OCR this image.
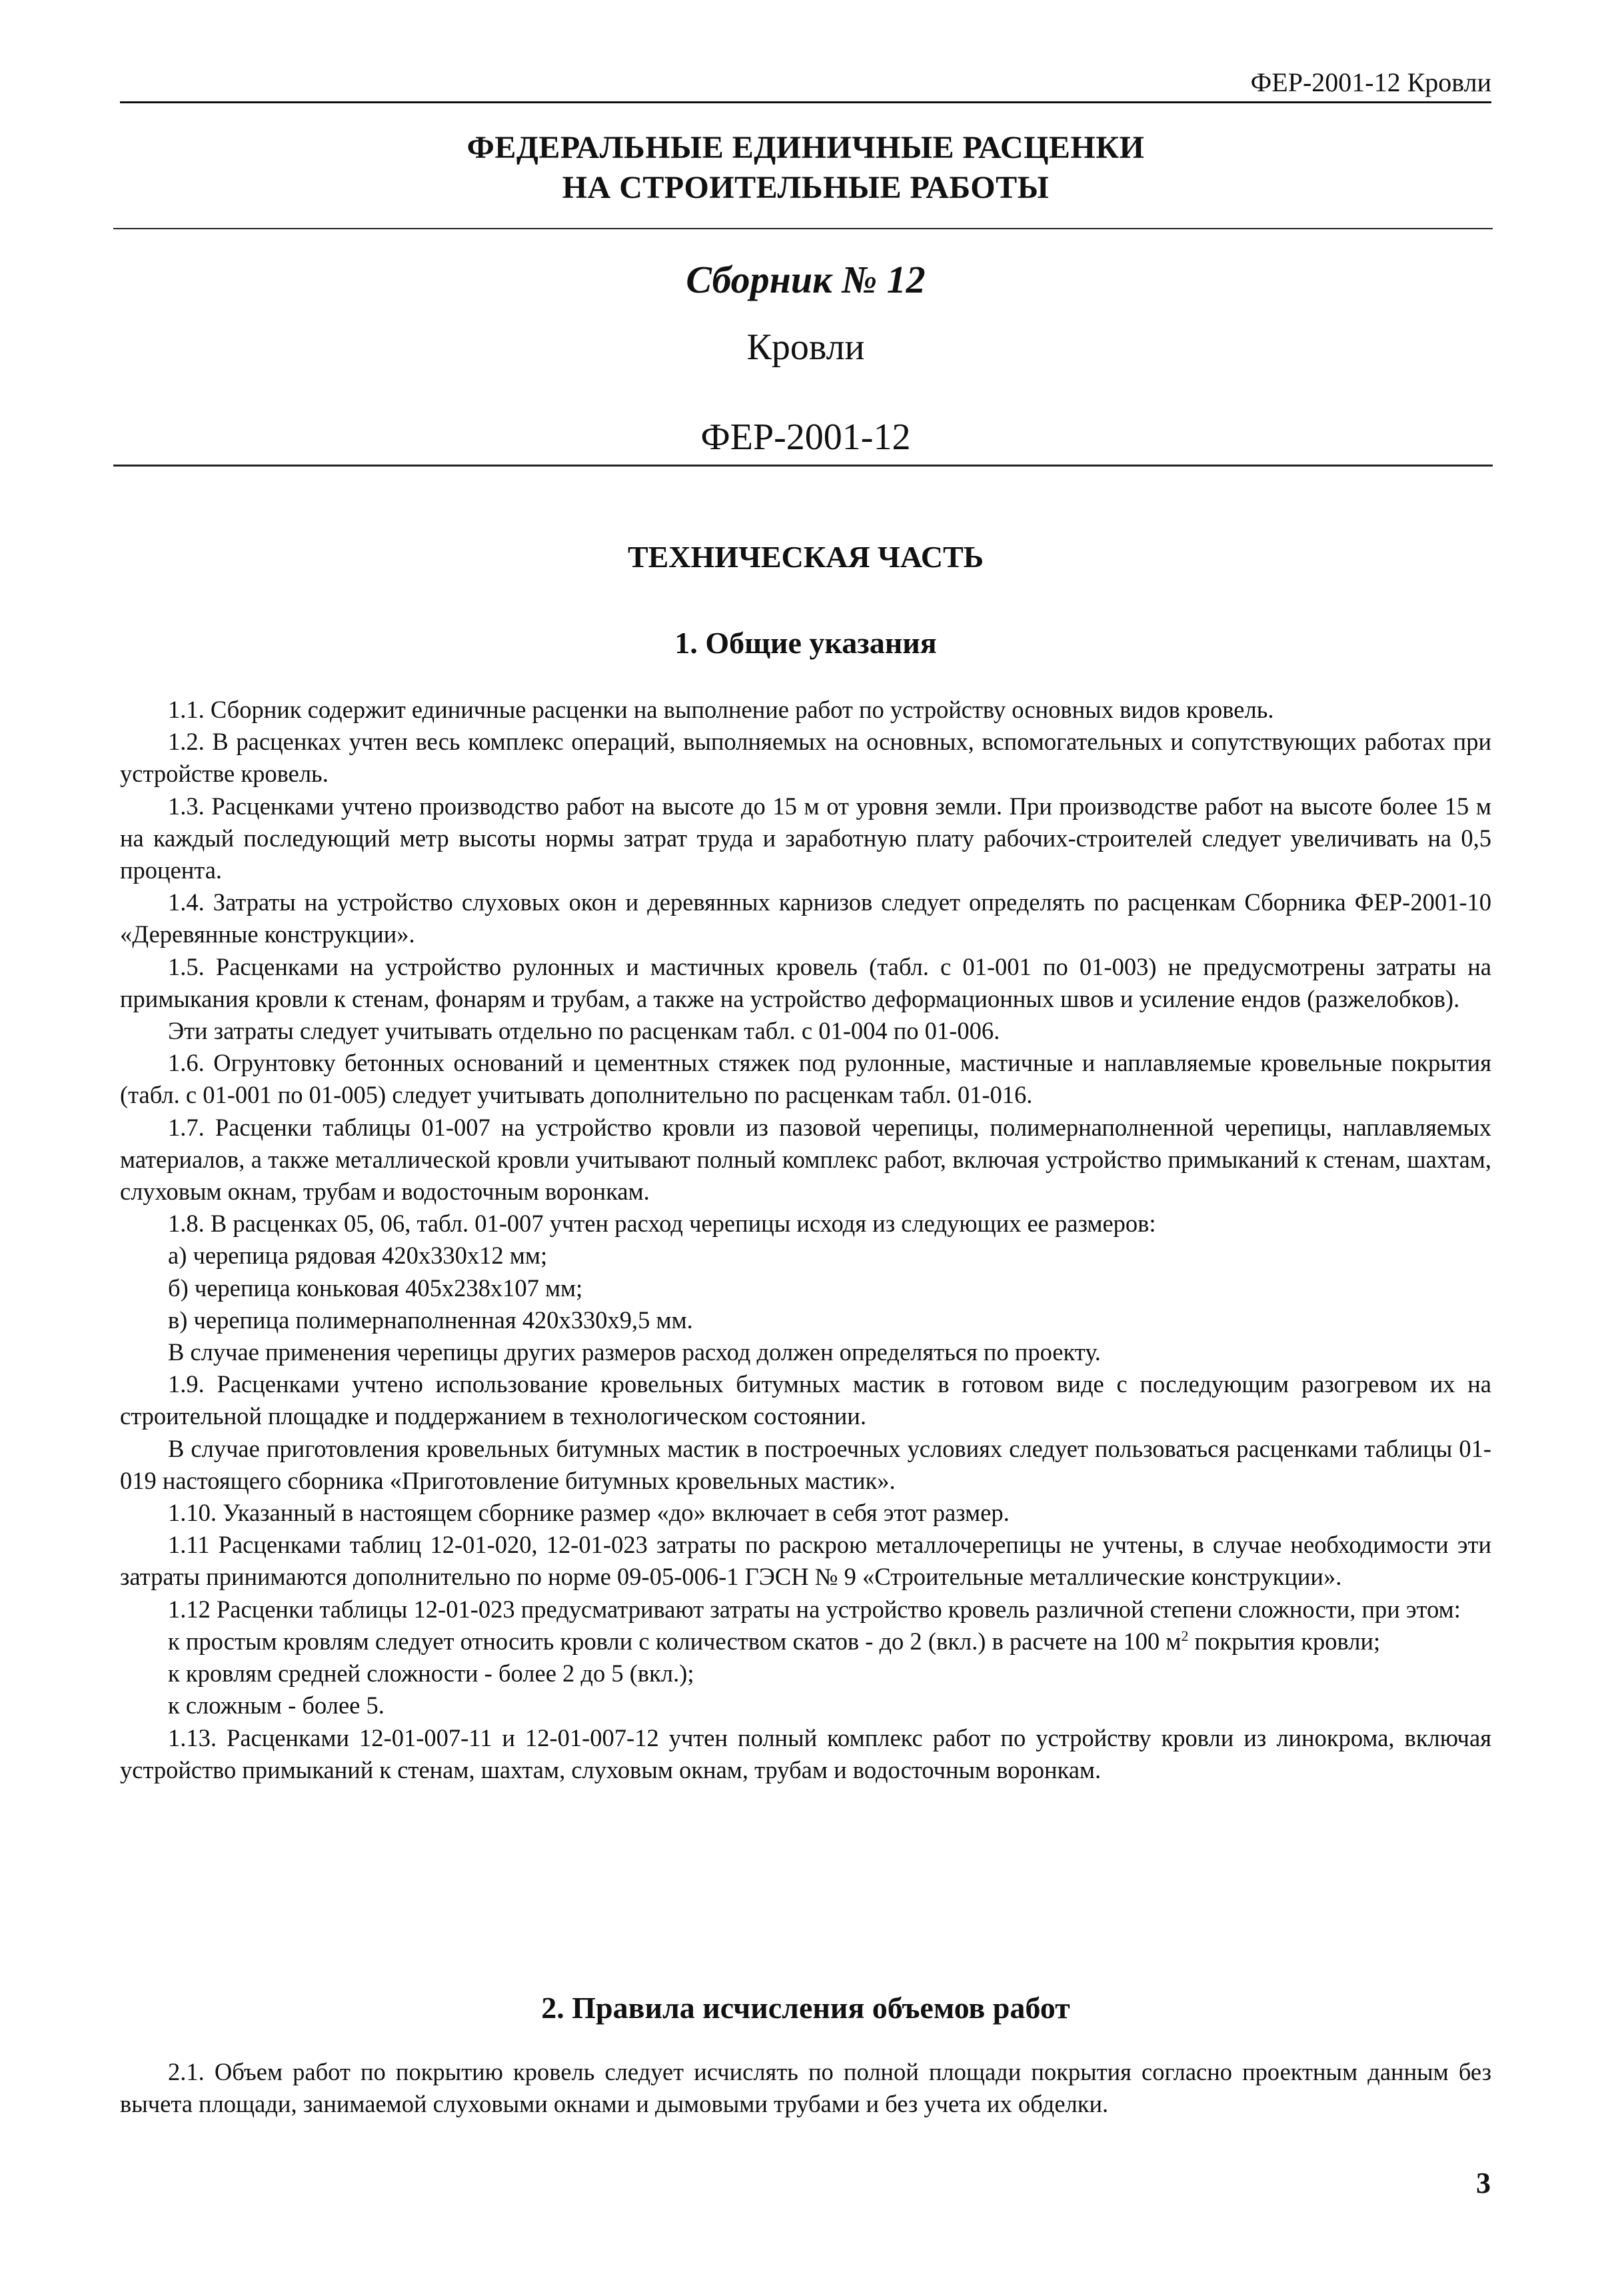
ФЕР-2001-12 Кровли
ФЕДЕРАЛЬНЫЕ ЕДИНИЧНЫЕ РАСЦЕНКИ
НА СТРОИТЕЛЬНЫЕ РАБОТЫ
Сборник № 12
Кровли
ФЕР-2001-12
ТЕХНИЧЕСКАЯ ЧАСТЬ
1. Общие указания

1.1. Сборник содержит единичные расценки на выполнение работ по устройству основных видов кровель.

1.2. В расценках учтен весь комплекс операций, выполняемых на основных, вспомогательных и сопутствующих работах при устройстве кровель.

1.3. Расценками учтено производство работ на высоте до 15 м от уровня земли. При производстве работ на высоте более 15 м на каждый последующий метр высоты нормы затрат труда и заработную плату рабочих-строителей следует увеличивать на 0,5 процента.

1.4. Затраты на устройство слуховых окон и деревянных карнизов следует определять по расценкам Сборника ФЕР-2001-10 «Деревянные конструкции».

1.5. Расценками на устройство рулонных и мастичных кровель (табл. с 01-001 по 01-003) не предусмотрены затраты на примыкания кровли к стенам, фонарям и трубам, а также на устройство деформационных швов и усиление ендов (разжелобков).

Эти затраты следует учитывать отдельно по расценкам табл. с 01-004 по 01-006.

1.6. Огрунтовку бетонных оснований и цементных стяжек под рулонные, мастичные и наплавляемые кровельные покрытия (табл. с 01-001 по 01-005) следует учитывать дополнительно по расценкам табл. 01-016.

1.7. Расценки таблицы 01-007 на устройство кровли из пазовой черепицы, полимернаполненной черепицы, наплавляемых материалов, а также металлической кровли учитывают полный комплекс работ, включая устройство примыканий к стенам, шахтам, слуховым окнам, трубам и водосточным воронкам.

1.8. В расценках 05, 06, табл. 01-007 учтен расход черепицы исходя из следующих ее размеров:

а) черепица рядовая 420х330х12 мм;

б) черепица коньковая 405х238х107 мм;

в) черепица полимернаполненная 420х330х9,5 мм.

В случае применения черепицы других размеров расход должен определяться по проекту.

1.9. Расценками учтено использование кровельных битумных мастик в готовом виде с последующим разогревом их на строительной площадке и поддержанием в технологическом состоянии.

В случае приготовления кровельных битумных мастик в построечных условиях следует пользоваться расценками таблицы 01-019 настоящего сборника «Приготовление битумных кровельных мастик».

1.10. Указанный в настоящем сборнике размер «до» включает в себя этот размер.

1.11 Расценками таблиц 12-01-020, 12-01-023 затраты по раскрою металлочерепицы не учтены, в случае необходимости эти затраты принимаются дополнительно по норме 09-05-006-1 ГЭСН № 9 «Строительные металлические конструкции».

1.12 Расценки таблицы 12-01-023 предусматривают затраты на устройство кровель различной степени сложности, при этом:

к простым кровлям следует относить кровли с количеством скатов - до 2 (вкл.) в расчете на 100 $м^2$ покрытия кровли;

к кровлям средней сложности - более 2 до 5 (вкл.);

к сложным - более 5.

1.13. Расценками 12-01-007-11 и 12-01-007-12 учтен полный комплекс работ по устройству кровли из линокрома, включая устройство примыканий к стенам, шахтам, слуховым окнам, трубам и водосточным воронкам.

2. Правила исчисления объемов работ

2.1. Объем работ по покрытию кровель следует исчислять по полной площади покрытия согласно проектным данным без вычета площади, занимаемой слуховыми окнами и дымовыми трубами и без учета их обделки.

3
